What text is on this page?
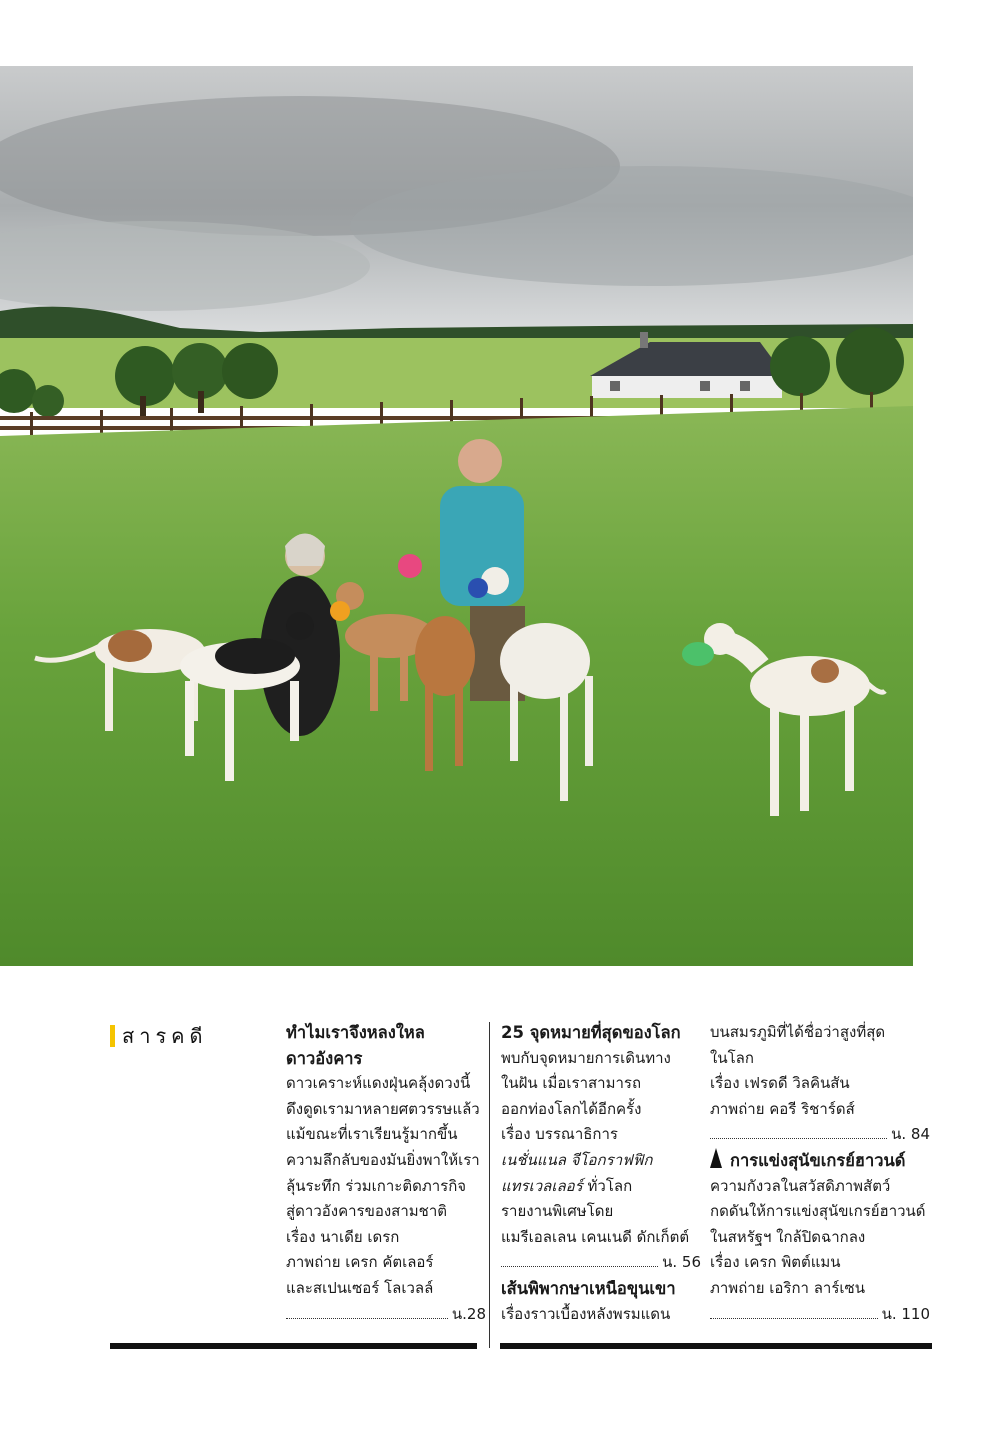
สารคดี	ทำไมเราจึงหลงใหล

ดาวอังคาร

ดาวเคราะห์แดงฝุ่นคลุ้งดวงนี้

ดึงดูดเรามาหลายศตวรรษแล้ว

แม้ขณะที่เราเรียนรู้มากขึ้น

ความลึกลับของมันยิ่งพาให้เรา

ลุ้นระทึก ร่วมเกาะติดภารกิจ

สู่ดาวอังคารของสามชาติ

เรื่อง นาเดีย เดรก

ภาพถ่าย เครก คัตเลอร์

และสเปนเซอร์ โลเวลล์

น.28

25 จุดหมายที่สุดของโลก

พบกับจุดหมายการเดินทาง

ในฝัน เมื่อเราสามารถ

ออกท่องโลกได้อีกครั้ง

เรื่อง บรรณาธิการ

เนชั่นแนล จีโอกราฟฟิก

แทรเวลเลอร์ ทั่วโลก

รายงานพิเศษโดย

แมรีเอลเลน เคนเนดี ดักเก็ตต์

น. 56

เส้นพิพากษาเหนือขุนเขา

เรื่องราวเบื้องหลังพรมแดน

บนสมรภูมิที่ได้ชื่อว่าสูงที่สุด

ในโลก

เรื่อง เฟรดดี วิลคินสัน

ภาพถ่าย คอรี ริชาร์ดส์

น. 84

การแข่งสุนัขเกรย์ฮาวนด์

ความกังวลในสวัสดิภาพสัตว์

กดดันให้การแข่งสุนัขเกรย์ฮาวนด์

ในสหรัฐฯ ใกล้ปิดฉากลง

เรื่อง เครก พิตต์แมน

ภาพถ่าย เอริกา ลาร์เซน

น. 110
